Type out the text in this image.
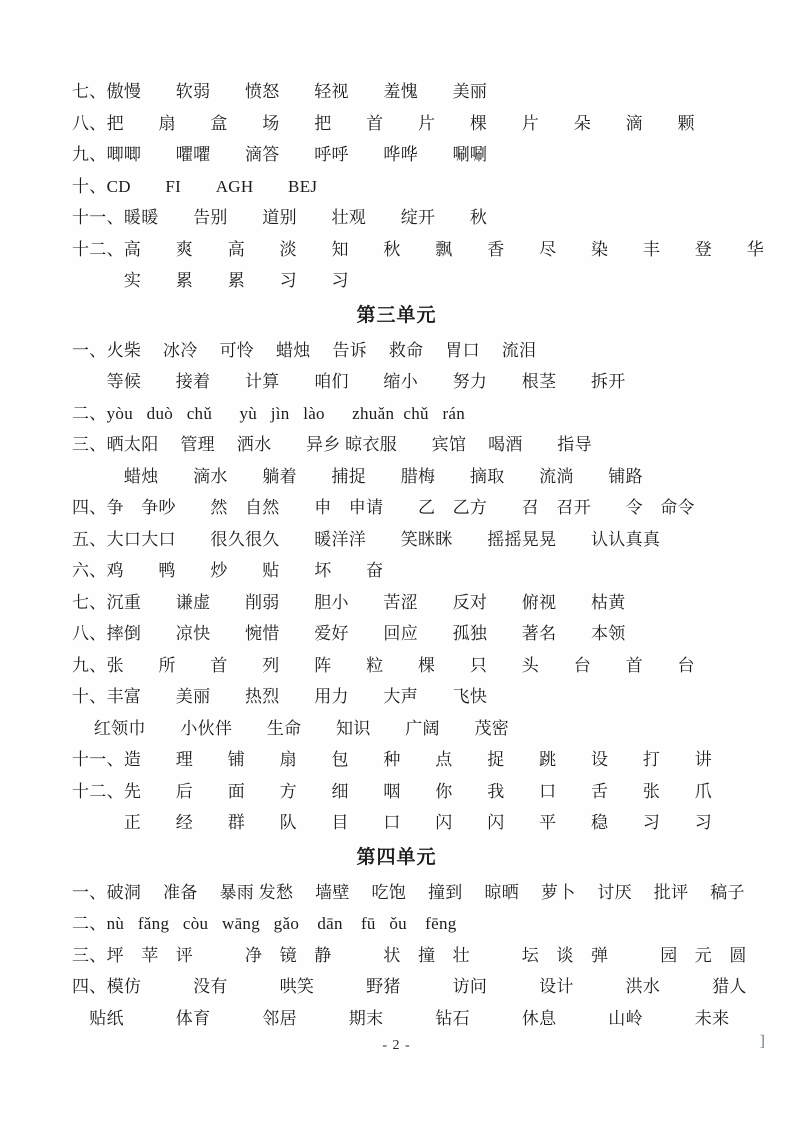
七、傲慢　　软弱　　愤怒　　轻视　　羞愧　　美丽
八、把　　扇　　盒　　场　　把　　首　　片　　棵　　片　　朵　　滴　　颗
九、唧唧　　㘗㘗　　滴答　　呼呼　　哗哗　　唰唰
十、CD　　FI　　AGH　　BEJ
十一、暖暖　　告别　　道别　　壮观　　绽开　　秋
十二、高　　爽　　高　　淡　　知　　秋　　飘　　香　　尽　　染　　丰　　登　　华
　　　实　　累　　累　　习　　习
第三单元
一、火柴　 冰冷　 可怜　 蜡烛　 告诉　 救命　 胃口　 流泪
　　等候　　接着　　计算　　咱们　　缩小　　努力　　根茎　　拆开
二、yòu   duò   chǔ      yù   jìn   lào      zhuǎn  chǔ   rán
三、晒太阳　 管理　 洒水　　异乡 晾衣服　　宾馆　 喝酒　　指导
　　　蜡烛　　滴水　　躺着　　捕捉　　腊梅　　摘取　　流淌　　铺路
四、争　争吵　　然　自然　　申　申请　　乙　乙方　　召　召开　　令　命令
五、大口大口　　很久很久　　暖洋洋　　笑眯眯　　摇摇晃晃　　认认真真
六、鸡　　鸭　　炒　　贴　　坏　　奋
七、沉重　　谦虚　　削弱　　胆小　　苦涩　　反对　　俯视　　枯黄
八、摔倒　　凉快　　惋惜　　爱好　　回应　　孤独　　著名　　本领
九、张　　所　　首　　列　　阵　　粒　　棵　　只　　头　　台　　首　　台
十、丰富　　美丽　　热烈　　用力　　大声　　飞快
　 红领巾　　小伙伴　　生命　　知识　　广阔　　茂密
十一、造　　理　　铺　　扇　　包　　种　　点　　捉　　跳　　设　　打　　讲
十二、先　　后　　面　　方　　细　　咽　　你　　我　　口　　舌　　张　　爪
　　　正　　经　　群　　队　　目　　口　　闪　　闪　　平　　稳　　习　　习
第四单元
一、破洞　 准备　 暴雨 发愁　 墙壁　 吃饱　 撞到　 晾晒　 萝卜　 讨厌　 批评　 稿子
二、nù   fǎng   còu   wāng   gǎo    dān    fū   ǒu    fēng
三、坪　苹　评　　　净　镜　静　　　状　撞　壮　　　坛　谈　弹　　　园　元　圆
四、模仿　　　没有　　　哄笑　　　野猪　　　访问　　　设计　　　洪水　　　猎人
　贴纸　　　体育　　　邻居　　　期末　　　钻石　　　休息　　　山岭　　　未来
- 2 -	]
